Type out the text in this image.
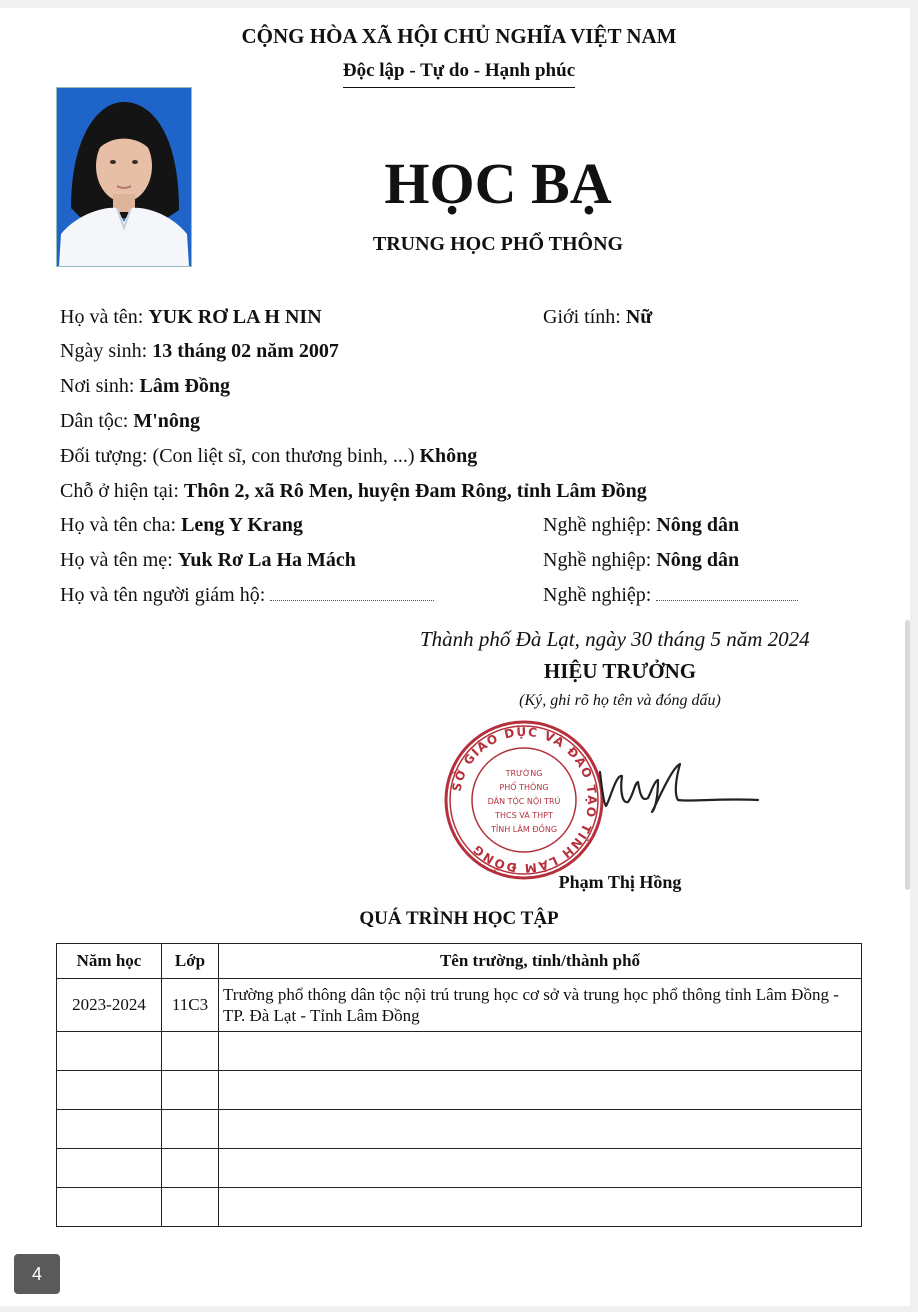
CỘNG HÒA XÃ HỘI CHỦ NGHĨA VIỆT NAM
Độc lập - Tự do - Hạnh phúc
HỌC BẠ
TRUNG HỌC PHỔ THÔNG
Họ và tên: YUK RƠ LA H NIN	Giới tính: Nữ
Ngày sinh: 13 tháng 02 năm 2007
Nơi sinh: Lâm Đồng
Dân tộc: M'nông
Đối tượng: (Con liệt sĩ, con thương binh, ...) Không
Chỗ ở hiện tại: Thôn 2, xã Rô Men, huyện Đam Rông, tỉnh Lâm Đồng
Họ và tên cha: Leng Y Krang	Nghề nghiệp: Nông dân
Họ và tên mẹ: Yuk Rơ La Ha Mách	Nghề nghiệp: Nông dân
Họ và tên người giám hộ:	Nghề nghiệp:
Thành phố Đà Lạt, ngày 30 tháng 5 năm 2024
HIỆU TRƯỞNG
(Ký, ghi rõ họ tên và đóng dấu)
SỞ GIÁO DỤC VÀ ĐÀO TẠO TỈNH LÂM ĐỒNG
TRƯỜNG
PHỔ THÔNG
DÂN TỘC NỘI TRÚ
THCS VÀ THPT
TỈNH LÂM ĐỒNG
Phạm Thị Hồng
QUÁ TRÌNH HỌC TẬP
Năm học	Lớp	Tên trường, tỉnh/thành phố
2023-2024	11C3	Trường phổ thông dân tộc nội trú trung học cơ sở và trung học phổ thông tỉnh Lâm Đồng - TP. Đà Lạt - Tỉnh Lâm Đồng

4
